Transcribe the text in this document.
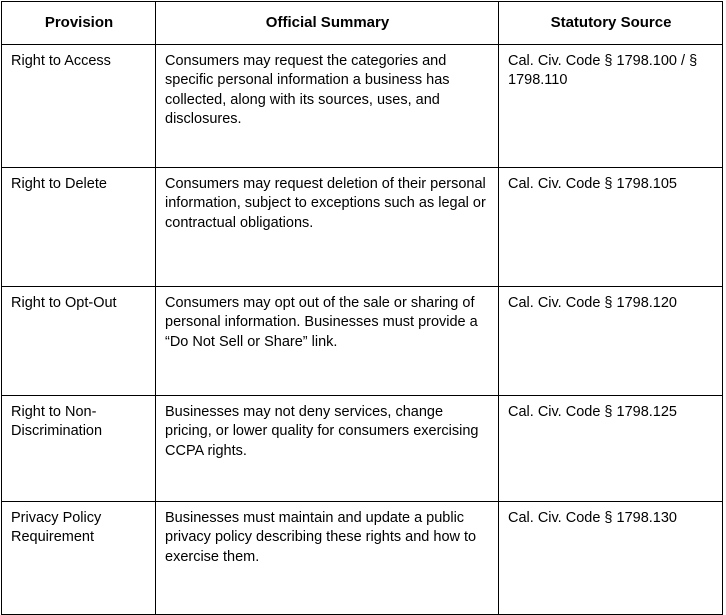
Provision	Official Summary	Statutory Source

Right to Access	Consumers may request the categories and specific personal information a business has collected, along with its sources, uses, and disclosures.	Cal. Civ. Code § 1798.100 / § 1798.110

Right to Delete	Consumers may request deletion of their personal information, subject to exceptions such as legal or contractual obligations.	Cal. Civ. Code § 1798.105

Right to Opt-Out	Consumers may opt out of the sale or sharing of personal information. Businesses must provide a “Do Not Sell or Share” link.	Cal. Civ. Code § 1798.120

Right to Non-Discrimination	Businesses may not deny services, change pricing, or lower quality for consumers exercising CCPA rights.	Cal. Civ. Code § 1798.125

Privacy Policy Requirement	Businesses must maintain and update a public privacy policy describing these rights and how to exercise them.	Cal. Civ. Code § 1798.130
